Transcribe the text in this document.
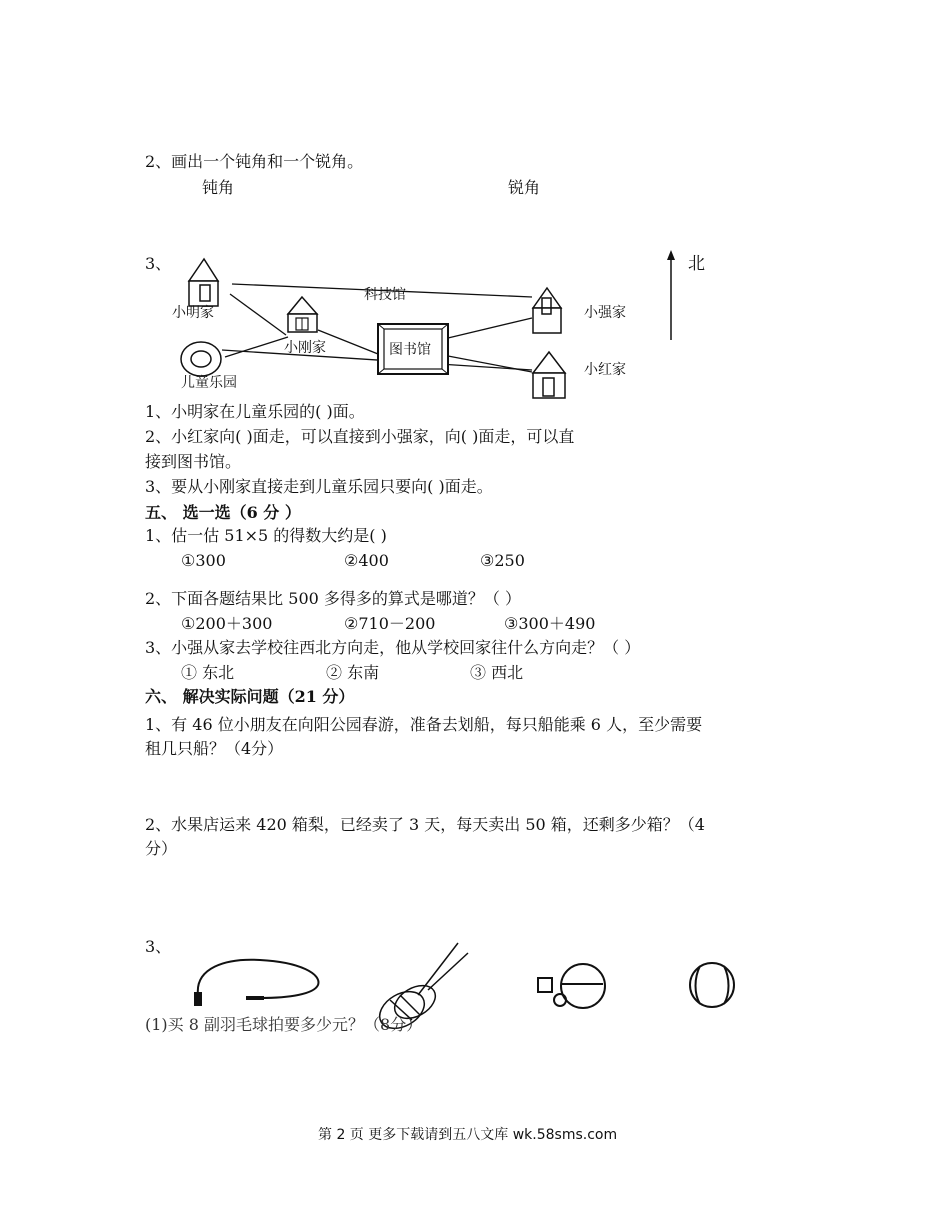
2、画出一个钝角和一个锐角。
钝角	锐角
3、
小明家
科技馆
小强家
小刚家	图书馆
小红家
儿童乐园
北
1、小明家在儿童乐园的( )面。
2、小红家向( )面走，可以直接到小强家，向( )面走，可以直
接到图书馆。
3、要从小刚家直接走到儿童乐园只要向( )面走。
五、 选一选（6 分 ）
1、估一估 51×5 的得数大约是( )
①300	②400	③250
2、下面各题结果比 500 多得多的算式是哪道？（ ）
①200＋300	②710－200	③300＋490
3、小强从家去学校往西北方向走，他从学校回家往什么方向走？（ ）
① 东北	② 东南	③ 西北
六、 解决实际问题（21 分）
1、有 46 位小朋友在向阳公园春游，准备去划船，每只船能乘 6 人，至少需要
租几只船？（4分）
2、水果店运来 420 箱梨，已经卖了 3 天，每天卖出 50 箱，还剩多少箱？（4
分）
3、
(1)买 8 副羽毛球拍要多少元？（8分）
第 2 页 更多下载请到五八文库 wk.58sms.com
